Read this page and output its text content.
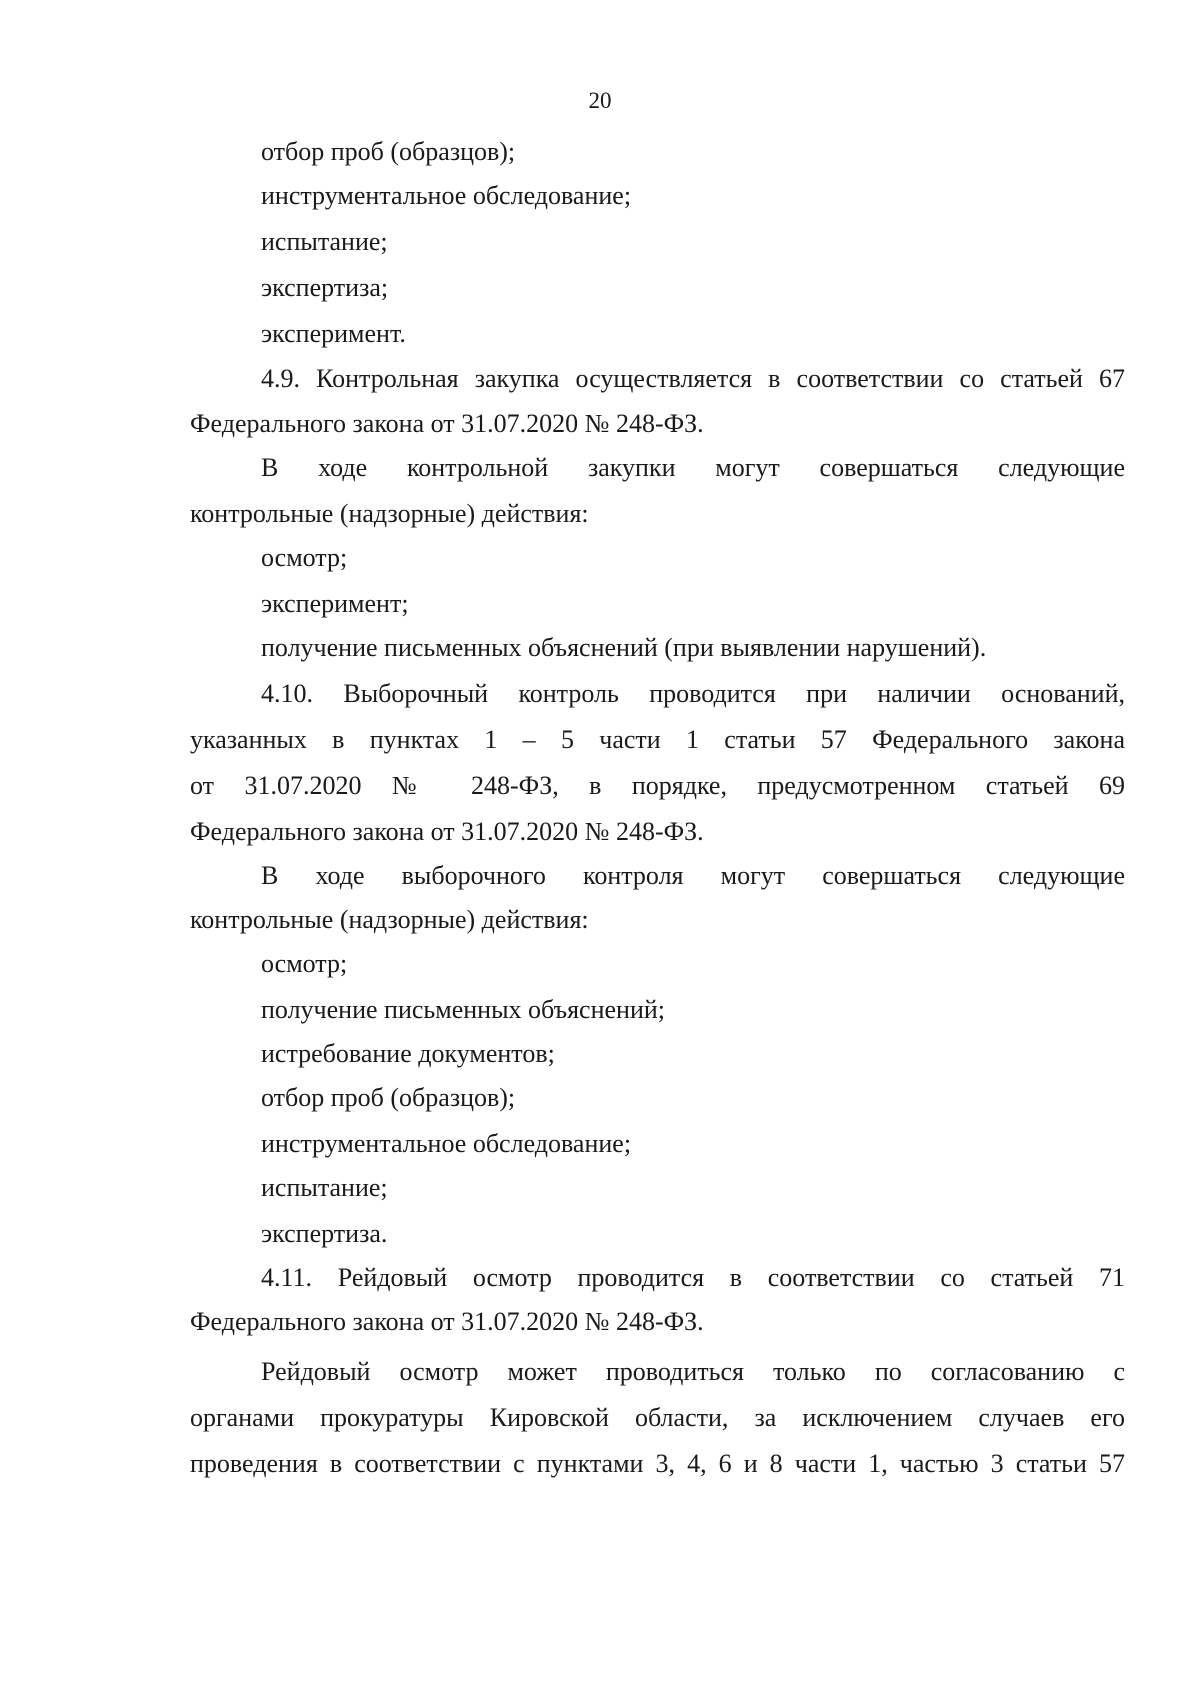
20
отбор проб (образцов);
инструментальное обследование;
испытание;
экспертиза;
эксперимент.
4.9. Контрольная закупка осуществляется в соответствии со статьей 67
Федерального закона от 31.07.2020 № 248-ФЗ.
В ходе контрольной закупки могут совершаться следующие
контрольные (надзорные) действия:
осмотр;
эксперимент;
получение письменных объяснений (при выявлении нарушений).
4.10. Выборочный контроль проводится при наличии оснований,
указанных в пунктах 1 – 5 части 1 статьи 57 Федерального закона
от 31.07.2020 № 248-ФЗ, в порядке, предусмотренном статьей 69
Федерального закона от 31.07.2020 № 248-ФЗ.
В ходе выборочного контроля могут совершаться следующие
контрольные (надзорные) действия:
осмотр;
получение письменных объяснений;
истребование документов;
отбор проб (образцов);
инструментальное обследование;
испытание;
экспертиза.
4.11. Рейдовый осмотр проводится в соответствии со статьей 71
Федерального закона от 31.07.2020 № 248-ФЗ.
Рейдовый осмотр может проводиться только по согласованию с
органами прокуратуры Кировской области, за исключением случаев его
проведения в соответствии с пунктами 3, 4, 6 и 8 части 1, частью 3 статьи 57
